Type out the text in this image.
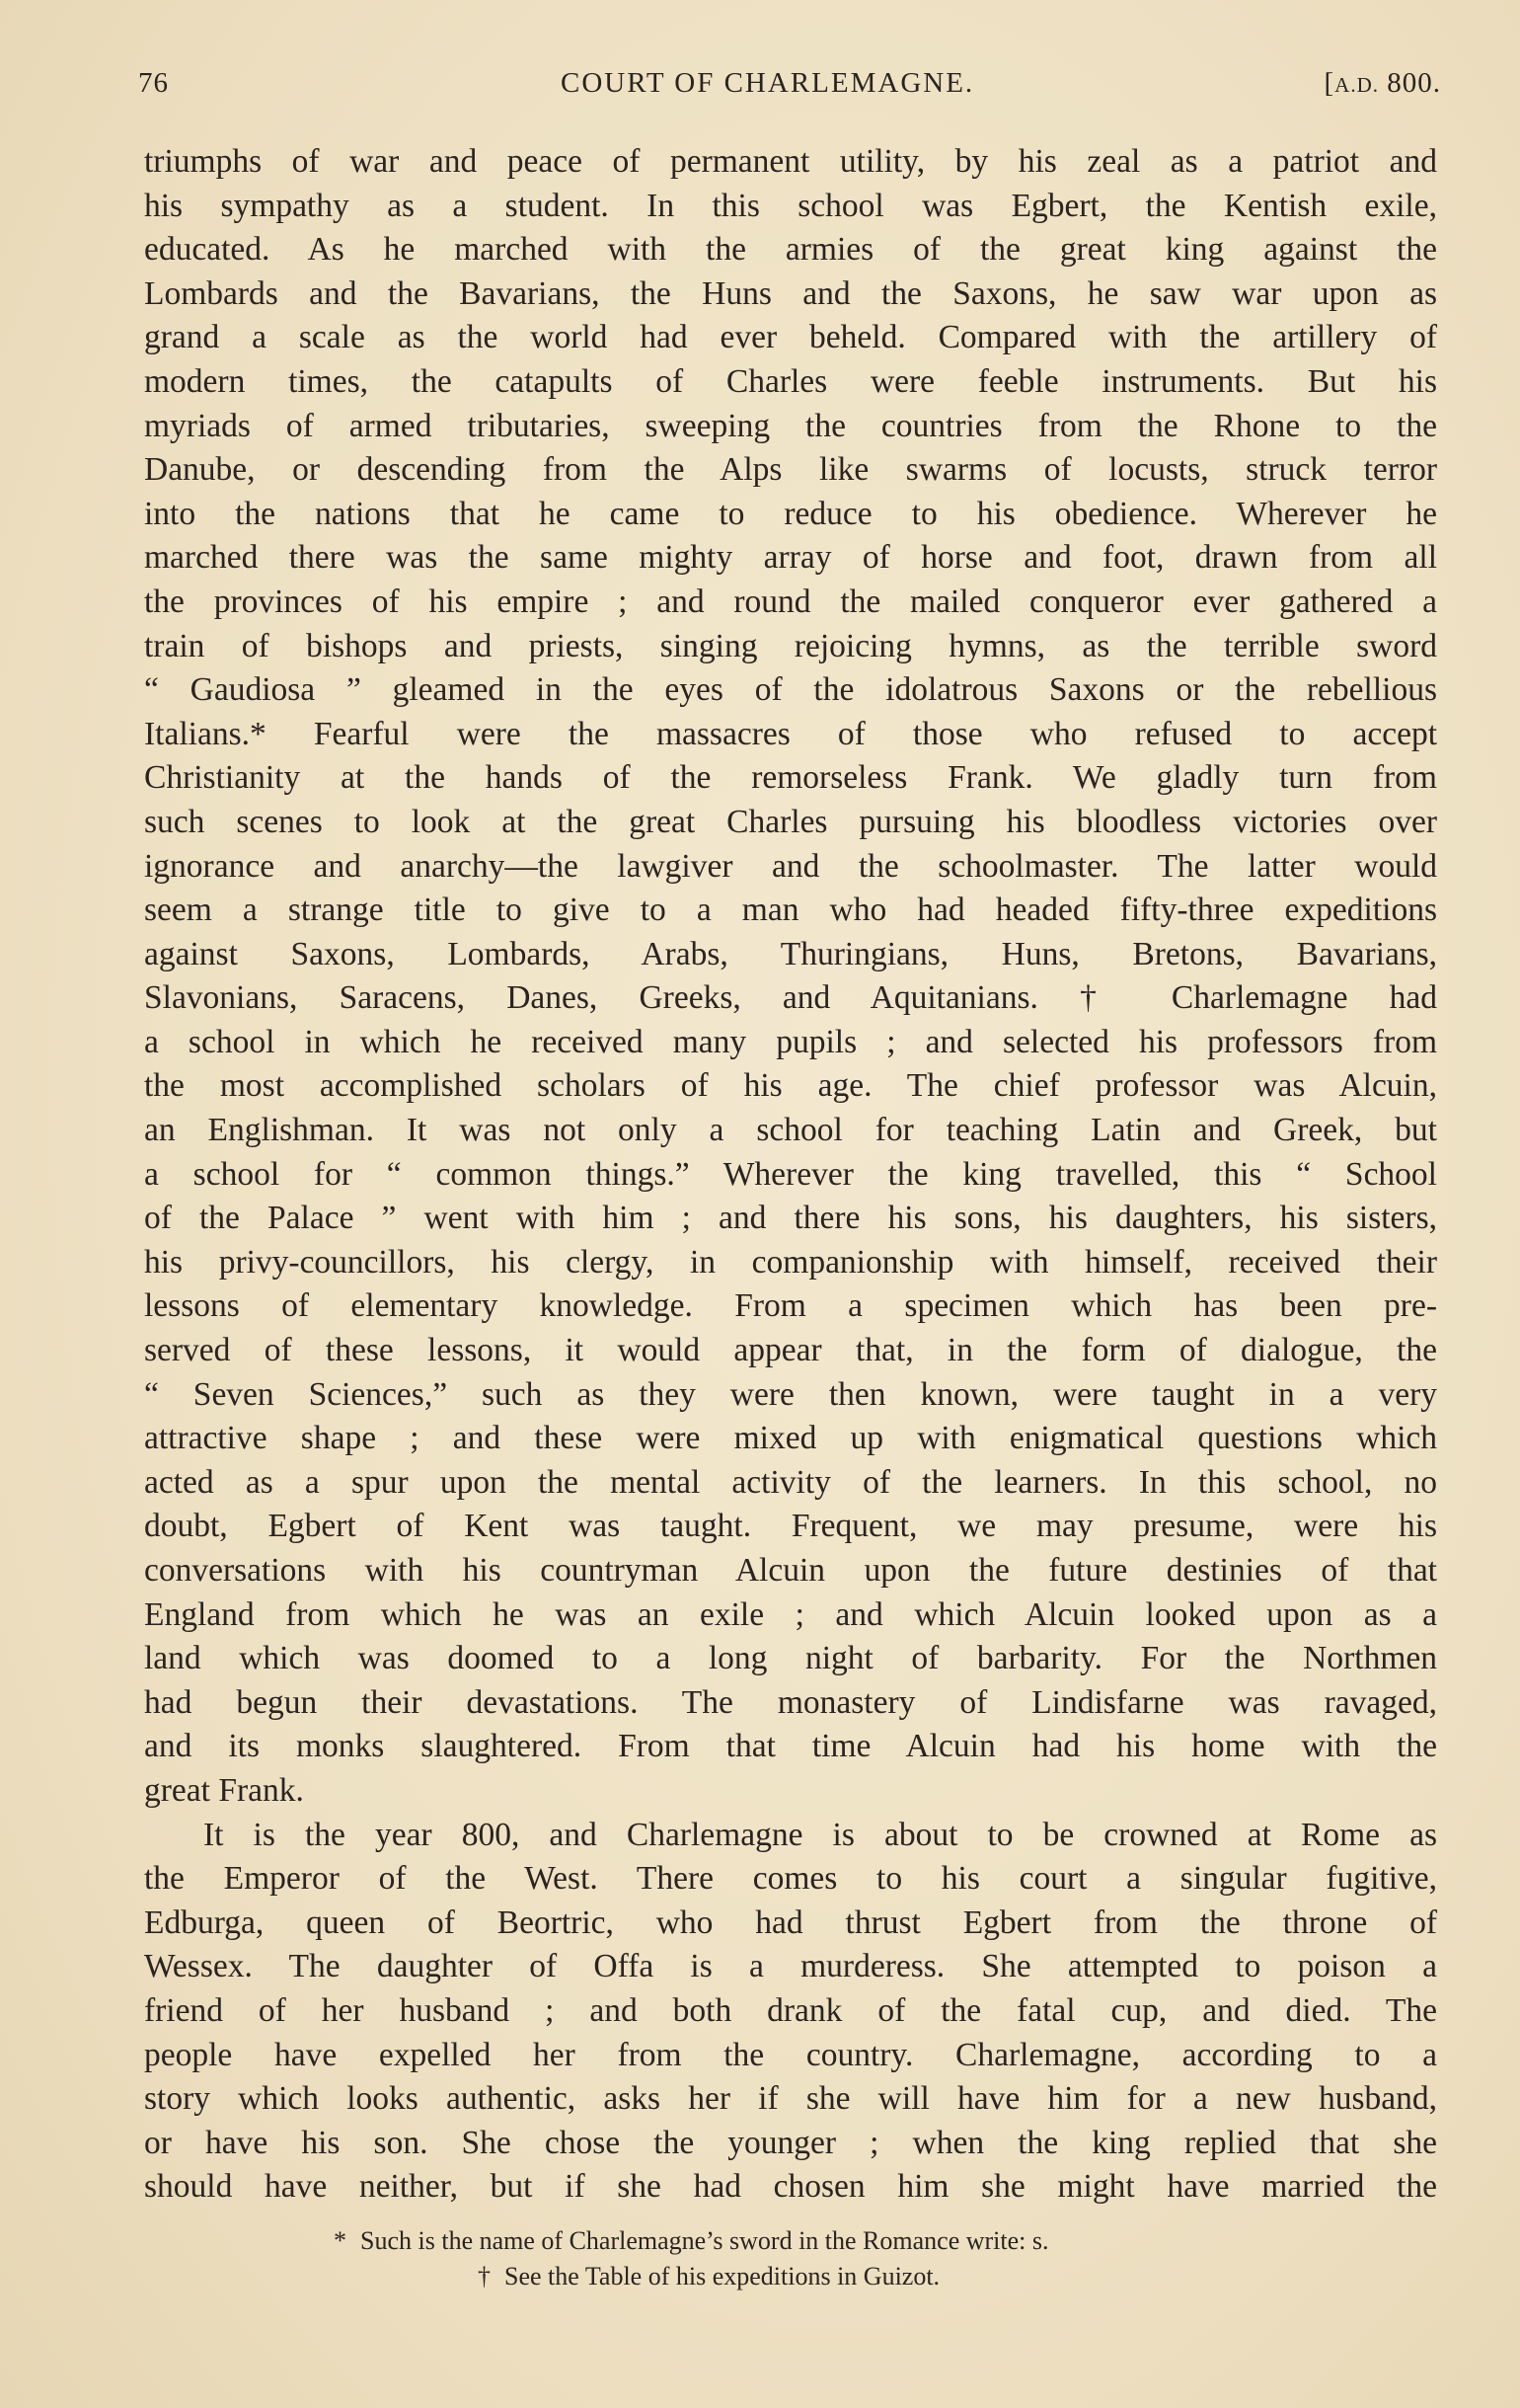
76	COURT OF CHARLEMAGNE.	[A.D. 800.
triumphs of war and peace of permanent utility, by his zeal as a patriot and
his sympathy as a student. In this school was Egbert, the Kentish exile,
educated. As he marched with the armies of the great king against the
Lombards and the Bavarians, the Huns and the Saxons, he saw war upon as
grand a scale as the world had ever beheld. Compared with the artillery of
modern times, the catapults of Charles were feeble instruments. But his
myriads of armed tributaries, sweeping the countries from the Rhone to the
Danube, or descending from the Alps like swarms of locusts, struck terror
into the nations that he came to reduce to his obedience. Wherever he
marched there was the same mighty array of horse and foot, drawn from all
the provinces of his empire ; and round the mailed conqueror ever gathered a
train of bishops and priests, singing rejoicing hymns, as the terrible sword
“ Gaudiosa ” gleamed in the eyes of the idolatrous Saxons or the rebellious
Italians.* Fearful were the massacres of those who refused to accept
Christianity at the hands of the remorseless Frank. We gladly turn from
such scenes to look at the great Charles pursuing his bloodless victories over
ignorance and anarchy—the lawgiver and the schoolmaster. The latter would
seem a strange title to give to a man who had headed fifty-three expeditions
against Saxons, Lombards, Arabs, Thuringians, Huns, Bretons, Bavarians,
Slavonians, Saracens, Danes, Greeks, and Aquitanians. † Charlemagne had
a school in which he received many pupils ; and selected his professors from
the most accomplished scholars of his age. The chief professor was Alcuin,
an Englishman. It was not only a school for teaching Latin and Greek, but
a school for “ common things.” Wherever the king travelled, this “ School
of the Palace ” went with him ; and there his sons, his daughters, his sisters,
his privy-councillors, his clergy, in companionship with himself, received their
lessons of elementary knowledge. From a specimen which has been pre-
served of these lessons, it would appear that, in the form of dialogue, the
“ Seven Sciences,” such as they were then known, were taught in a very
attractive shape ; and these were mixed up with enigmatical questions which
acted as a spur upon the mental activity of the learners. In this school, no
doubt, Egbert of Kent was taught. Frequent, we may presume, were his
conversations with his countryman Alcuin upon the future destinies of that
England from which he was an exile ; and which Alcuin looked upon as a
land which was doomed to a long night of barbarity. For the Northmen
had begun their devastations. The monastery of Lindisfarne was ravaged,
and its monks slaughtered. From that time Alcuin had his home with the
great Frank.
It is the year 800, and Charlemagne is about to be crowned at Rome as
the Emperor of the West. There comes to his court a singular fugitive,
Edburga, queen of Beortric, who had thrust Egbert from the throne of
Wessex. The daughter of Offa is a murderess. She attempted to poison a
friend of her husband ; and both drank of the fatal cup, and died. The
people have expelled her from the country. Charlemagne, according to a
story which looks authentic, asks her if she will have him for a new husband,
or have his son. She chose the younger ; when the king replied that she
should have neither, but if she had chosen him she might have married the
* Such is the name of Charlemagne’s sword in the Romance write: s.
† See the Table of his expeditions in Guizot.
